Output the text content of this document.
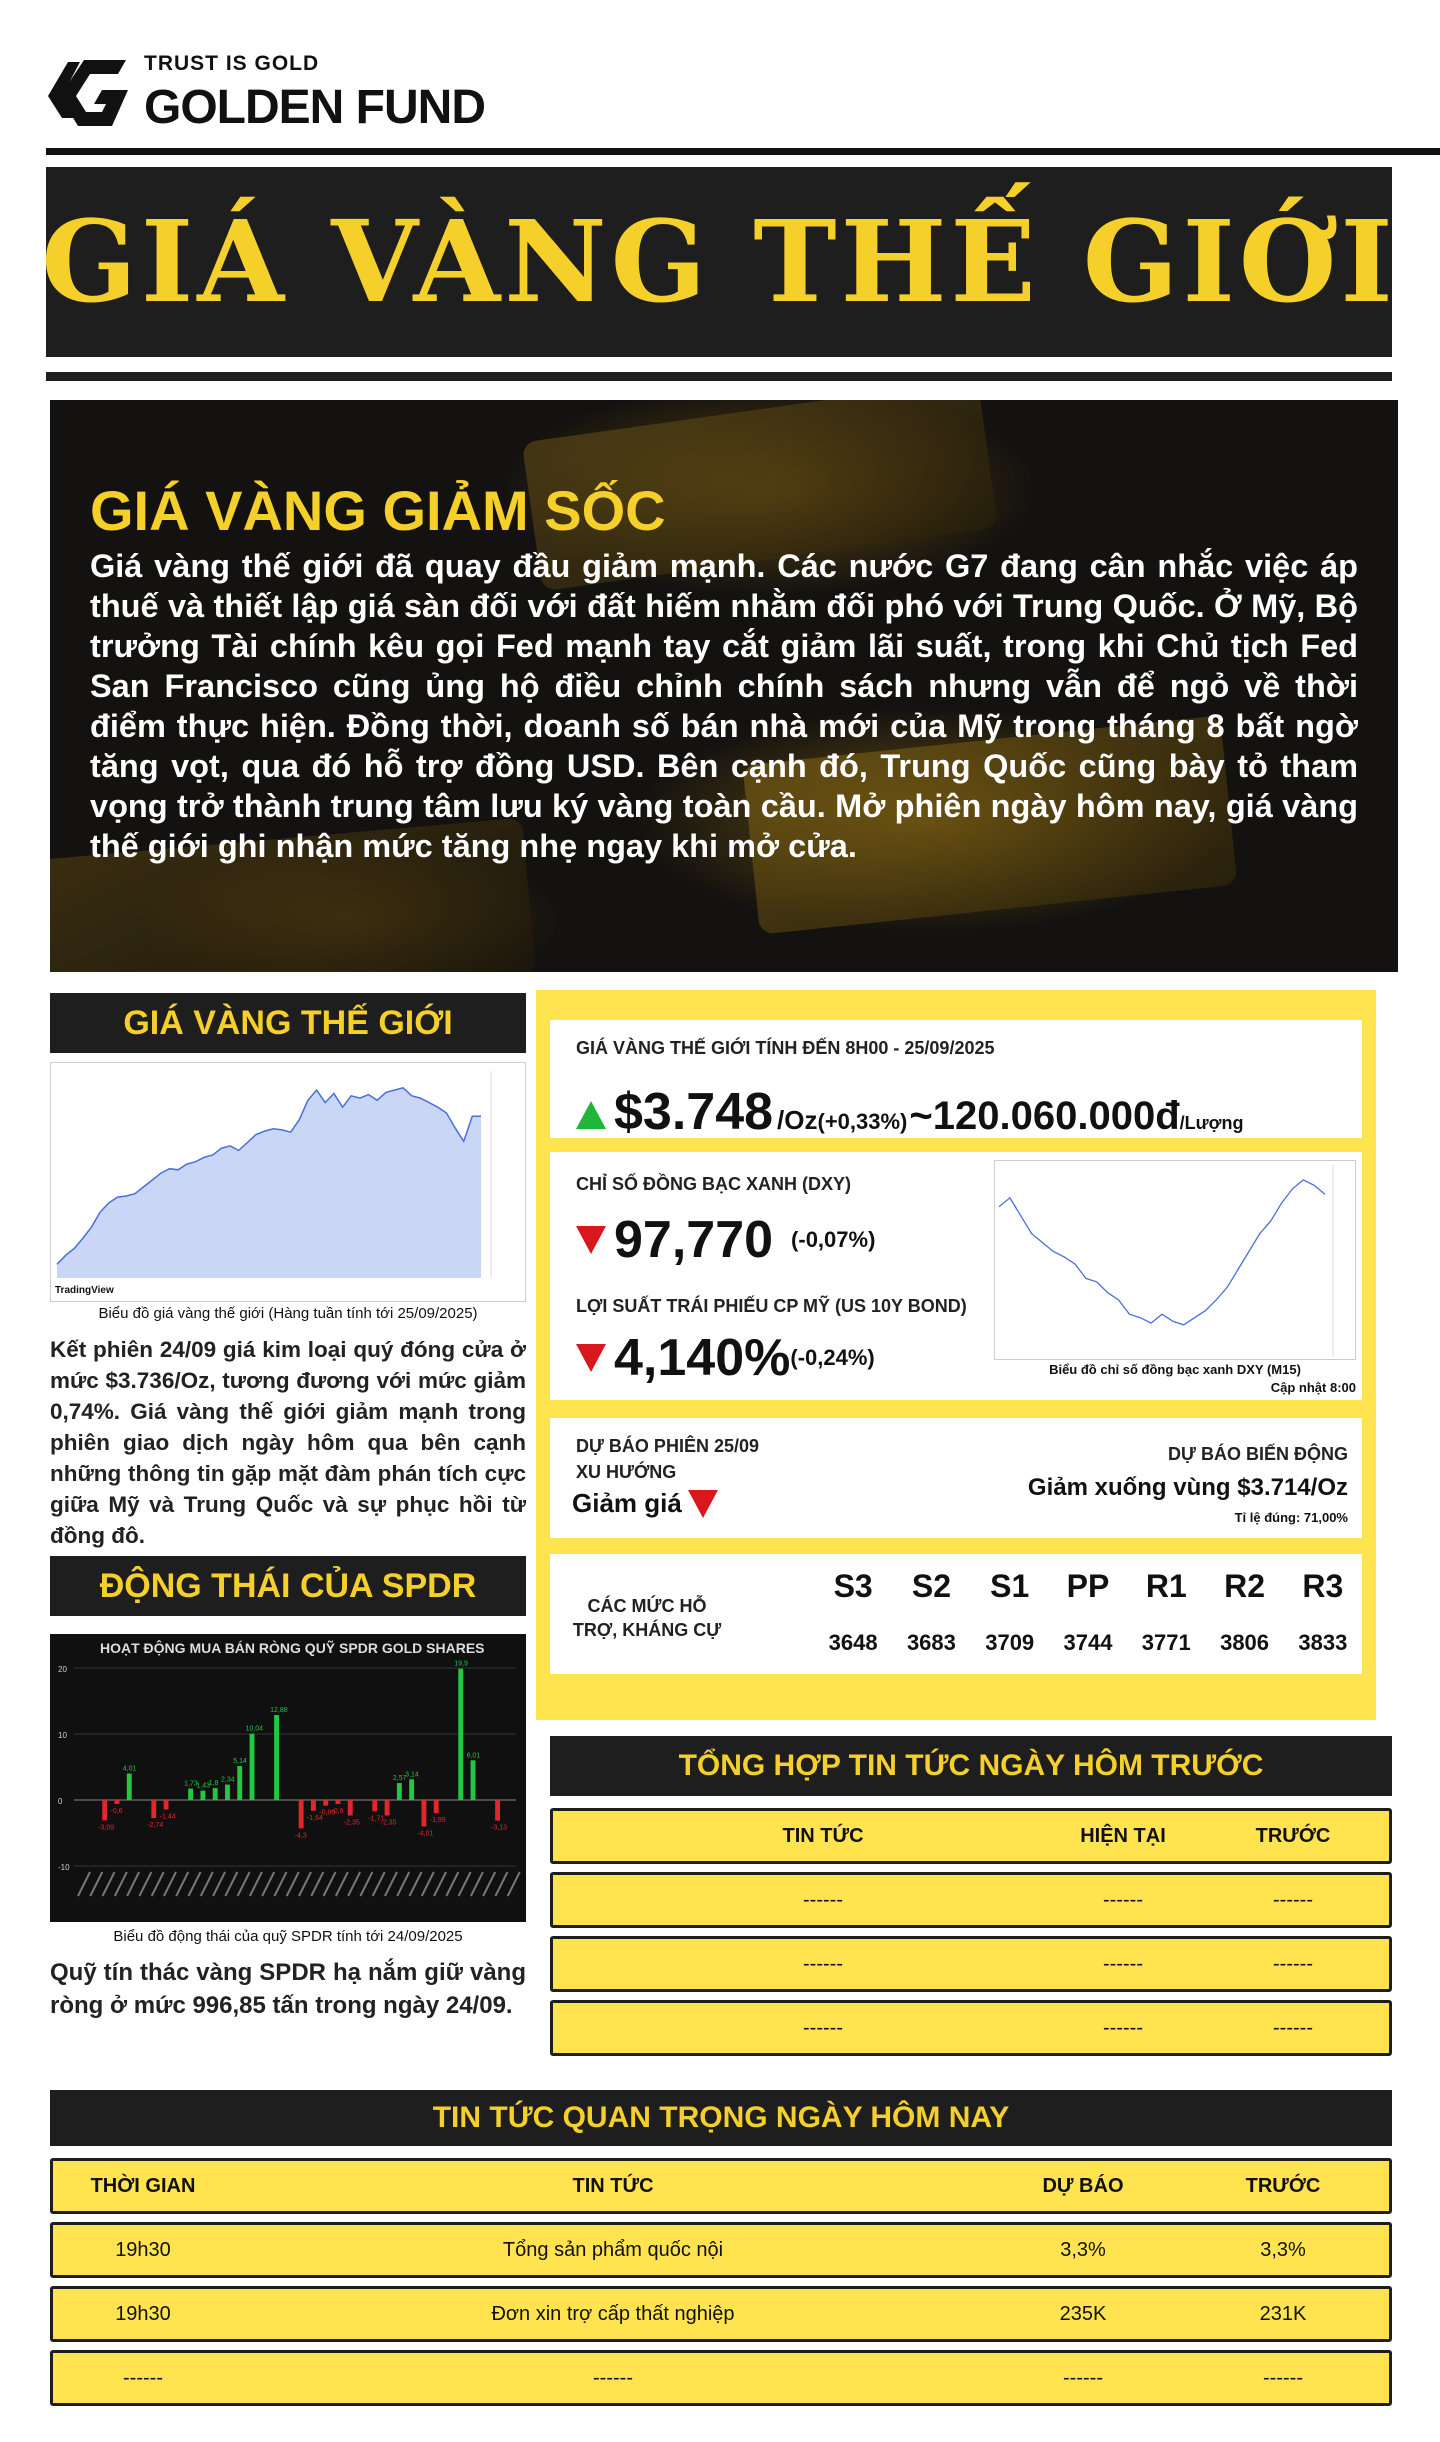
TRUST IS GOLD
GOLDEN FUND
GIÁ VÀNG THẾ GIỚI
GIÁ VÀNG GIẢM SỐC
Giá vàng thế giới đã quay đầu giảm mạnh. Các nước G7 đang cân nhắc việc áp thuế và thiết lập giá sàn đối với đất hiếm nhằm đối phó với Trung Quốc. Ở Mỹ, Bộ trưởng Tài chính kêu gọi Fed mạnh tay cắt giảm lãi suất, trong khi Chủ tịch Fed San Francisco cũng ủng hộ điều chỉnh chính sách nhưng vẫn để ngỏ về thời điểm thực hiện. Đồng thời, doanh số bán nhà mới của Mỹ trong tháng 8 bất ngờ tăng vọt, qua đó hỗ trợ đồng USD. Bên cạnh đó, Trung Quốc cũng bày tỏ tham vọng trở thành trung tâm lưu ký vàng toàn cầu. Mở phiên ngày hôm nay, giá vàng thế giới ghi nhận mức tăng nhẹ ngay khi mở cửa.
GIÁ VÀNG THẾ GIỚI
TradingView
Biểu đồ giá vàng thế giới (Hàng tuần tính tới 25/09/2025)
Kết phiên 24/09 giá kim loại quý đóng cửa ở mức $3.736/Oz, tương đương với mức giảm 0,74%. Giá vàng thế giới giảm mạnh trong phiên giao dịch ngày hôm qua bên cạnh những thông tin gặp mặt đàm phán tích cực giữa Mỹ và Trung Quốc và sự phục hồi từ đồng đô.
ĐỘNG THÁI CỦA SPDR
HOẠT ĐỘNG MUA BÁN RÒNG QUỸ SPDR GOLD SHARES
20
10
0
-10
-3,09
-0,6
4,01
-2,74
-1,44
1,73
1,43
1,8
2,34
5,14
10,04
12,88
-4,3
-1,64
-0,86
-0,6
-2,35
-1,71
-2,35
2,57
3,14
-4,01
-1,99
19,9
6,01
-3,13
Biểu đồ động thái của quỹ SPDR tính tới 24/09/2025
Quỹ tín thác vàng SPDR hạ nắm giữ vàng ròng ở mức 996,85 tấn trong ngày 24/09.
GIÁ VÀNG THẾ GIỚI TÍNH ĐẾN 8H00 - 25/09/2025
$3.748 /Oz (+0,33%) ~ 120.060.000đ /Lượng
CHỈ SỐ ĐỒNG BẠC XANH (DXY)
97,770 (-0,07%)
LỢI SUẤT TRÁI PHIẾU CP MỸ (US 10Y BOND)
4,140% (-0,24%)	Biểu đồ chỉ số đồng bạc xanh DXY (M15)
Cập nhật 8:00
DỰ BÁO PHIÊN 25/09
XU HƯỚNG
Giảm giá
DỰ BÁO BIẾN ĐỘNG
Giảm xuống vùng $3.714/Oz
Tỉ lệ đúng: 71,00%
CÁC MỨC HỖ TRỢ, KHÁNG CỰ
S3
3648
S2
3683
S1
3709
PP
3744
R1
3771
R2
3806
R3
3833
TỔNG HỢP TIN TỨC NGÀY HÔM TRƯỚC
TIN TỨC	HIỆN TẠI	TRƯỚC
------	------	------
------	------	------
------	------	------
TIN TỨC QUAN TRỌNG NGÀY HÔM NAY
THỜI GIAN	TIN TỨC	DỰ BÁO	TRƯỚC
19h30	Tổng sản phẩm quốc nội	3,3%	3,3%
19h30	Đơn xin trợ cấp thất nghiệp	235K	231K
------	------	------	------
